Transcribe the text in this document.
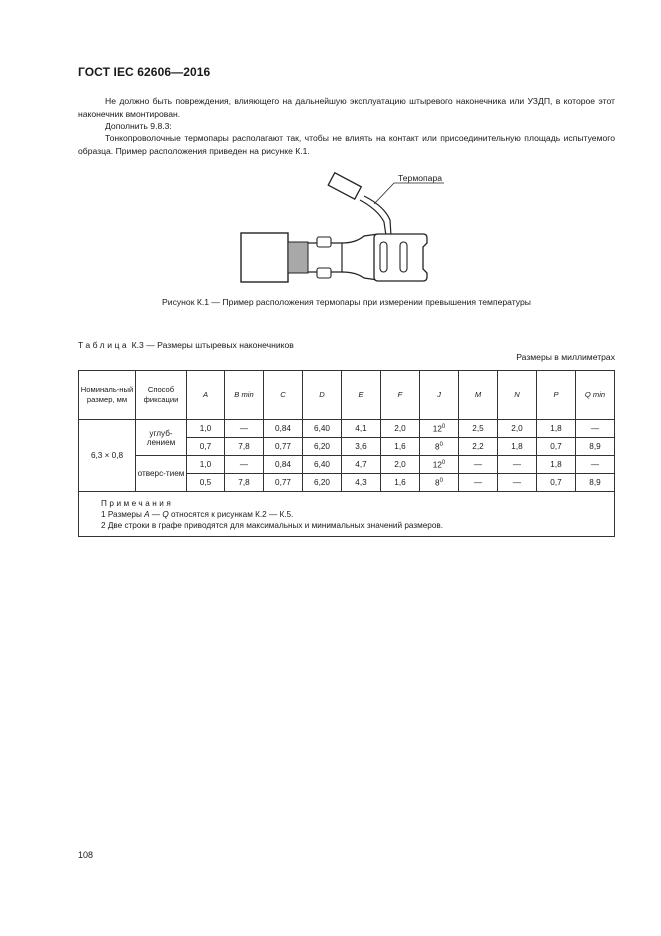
ГОСТ IEC 62606—2016
Не должно быть повреждения, влияющего на дальнейшую эксплуатацию штыревого наконечника или УЗДП, в которое этот наконечник вмонтирован.
Дополнить 9.8.3:
Тонкопроволочные термопары располагают так, чтобы не влиять на контакт или присоединительную площадь испытуемого образца. Пример расположения приведен на рисунке К.1.
Термопара
Рисунок К.1 — Пример расположения термопары при измерении превышения температуры
Таблица К.3 — Размеры штыревых наконечников
Размеры в миллиметрах
Номиналь-ный размер, мм	Способ фиксации	A	B min	C	D	E	F	J	M	N	P	Q min
6,3 × 0,8	углуб-лением	1,0	—	0,84	6,40	4,1	2,0	$12^0$	2,5	2,0	1,8	—
		0,7	7,8	0,77	6,20	3,6	1,6	$8^0$	2,2	1,8	0,7	8,9
	отверс-тием	1,0	—	0,84	6,40	4,7	2,0	$12^0$	—	—	1,8	—
		0,5	7,8	0,77	6,20	4,3	1,6	$8^0$	—	—	0,7	8,9

Примечания
1 Размеры A — Q относятся к рисункам К.2 — К.5.
2 Две строки в графе приводятся для максимальных и минимальных значений размеров.												
108
